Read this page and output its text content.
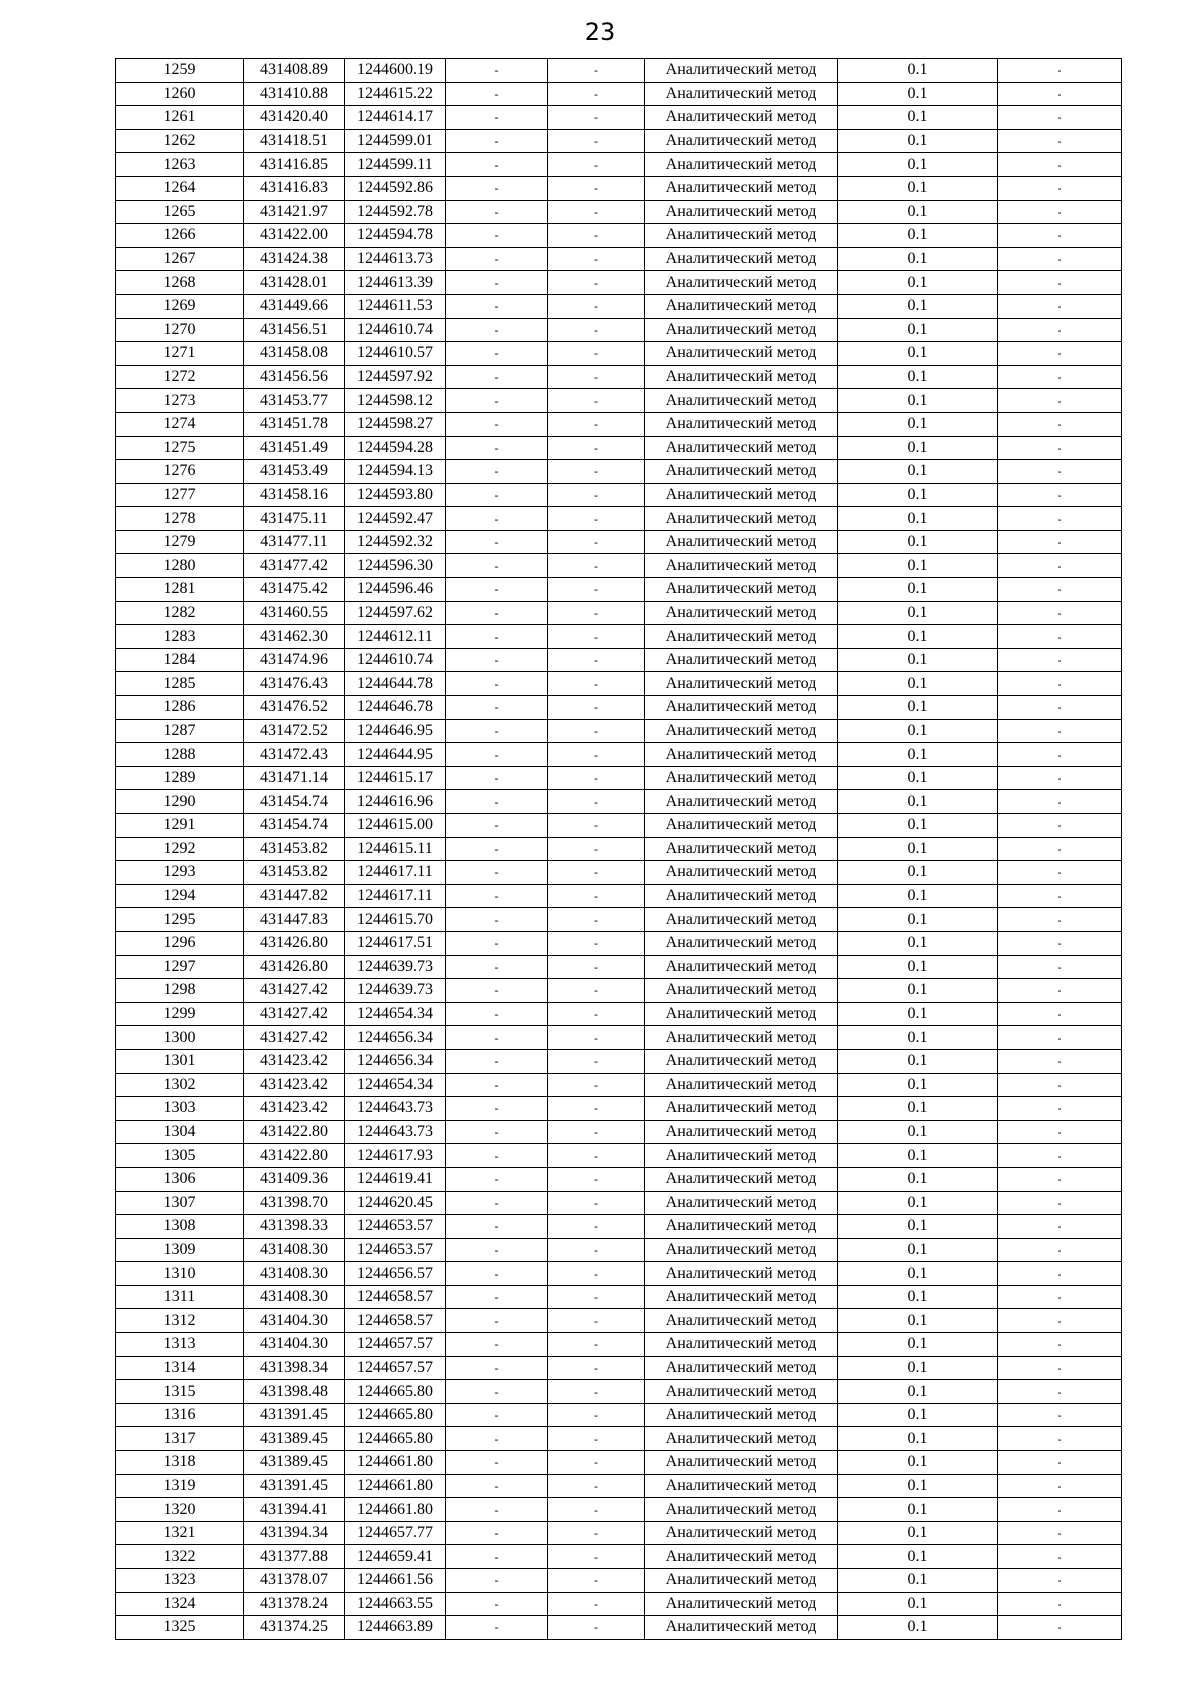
23
1259	431408.89	1244600.19	-	-	Аналитический метод	0.1	-
1260	431410.88	1244615.22	-	-	Аналитический метод	0.1	-
1261	431420.40	1244614.17	-	-	Аналитический метод	0.1	-
1262	431418.51	1244599.01	-	-	Аналитический метод	0.1	-
1263	431416.85	1244599.11	-	-	Аналитический метод	0.1	-
1264	431416.83	1244592.86	-	-	Аналитический метод	0.1	-
1265	431421.97	1244592.78	-	-	Аналитический метод	0.1	-
1266	431422.00	1244594.78	-	-	Аналитический метод	0.1	-
1267	431424.38	1244613.73	-	-	Аналитический метод	0.1	-
1268	431428.01	1244613.39	-	-	Аналитический метод	0.1	-
1269	431449.66	1244611.53	-	-	Аналитический метод	0.1	-
1270	431456.51	1244610.74	-	-	Аналитический метод	0.1	-
1271	431458.08	1244610.57	-	-	Аналитический метод	0.1	-
1272	431456.56	1244597.92	-	-	Аналитический метод	0.1	-
1273	431453.77	1244598.12	-	-	Аналитический метод	0.1	-
1274	431451.78	1244598.27	-	-	Аналитический метод	0.1	-
1275	431451.49	1244594.28	-	-	Аналитический метод	0.1	-
1276	431453.49	1244594.13	-	-	Аналитический метод	0.1	-
1277	431458.16	1244593.80	-	-	Аналитический метод	0.1	-
1278	431475.11	1244592.47	-	-	Аналитический метод	0.1	-
1279	431477.11	1244592.32	-	-	Аналитический метод	0.1	-
1280	431477.42	1244596.30	-	-	Аналитический метод	0.1	-
1281	431475.42	1244596.46	-	-	Аналитический метод	0.1	-
1282	431460.55	1244597.62	-	-	Аналитический метод	0.1	-
1283	431462.30	1244612.11	-	-	Аналитический метод	0.1	-
1284	431474.96	1244610.74	-	-	Аналитический метод	0.1	-
1285	431476.43	1244644.78	-	-	Аналитический метод	0.1	-
1286	431476.52	1244646.78	-	-	Аналитический метод	0.1	-
1287	431472.52	1244646.95	-	-	Аналитический метод	0.1	-
1288	431472.43	1244644.95	-	-	Аналитический метод	0.1	-
1289	431471.14	1244615.17	-	-	Аналитический метод	0.1	-
1290	431454.74	1244616.96	-	-	Аналитический метод	0.1	-
1291	431454.74	1244615.00	-	-	Аналитический метод	0.1	-
1292	431453.82	1244615.11	-	-	Аналитический метод	0.1	-
1293	431453.82	1244617.11	-	-	Аналитический метод	0.1	-
1294	431447.82	1244617.11	-	-	Аналитический метод	0.1	-
1295	431447.83	1244615.70	-	-	Аналитический метод	0.1	-
1296	431426.80	1244617.51	-	-	Аналитический метод	0.1	-
1297	431426.80	1244639.73	-	-	Аналитический метод	0.1	-
1298	431427.42	1244639.73	-	-	Аналитический метод	0.1	-
1299	431427.42	1244654.34	-	-	Аналитический метод	0.1	-
1300	431427.42	1244656.34	-	-	Аналитический метод	0.1	-
1301	431423.42	1244656.34	-	-	Аналитический метод	0.1	-
1302	431423.42	1244654.34	-	-	Аналитический метод	0.1	-
1303	431423.42	1244643.73	-	-	Аналитический метод	0.1	-
1304	431422.80	1244643.73	-	-	Аналитический метод	0.1	-
1305	431422.80	1244617.93	-	-	Аналитический метод	0.1	-
1306	431409.36	1244619.41	-	-	Аналитический метод	0.1	-
1307	431398.70	1244620.45	-	-	Аналитический метод	0.1	-
1308	431398.33	1244653.57	-	-	Аналитический метод	0.1	-
1309	431408.30	1244653.57	-	-	Аналитический метод	0.1	-
1310	431408.30	1244656.57	-	-	Аналитический метод	0.1	-
1311	431408.30	1244658.57	-	-	Аналитический метод	0.1	-
1312	431404.30	1244658.57	-	-	Аналитический метод	0.1	-
1313	431404.30	1244657.57	-	-	Аналитический метод	0.1	-
1314	431398.34	1244657.57	-	-	Аналитический метод	0.1	-
1315	431398.48	1244665.80	-	-	Аналитический метод	0.1	-
1316	431391.45	1244665.80	-	-	Аналитический метод	0.1	-
1317	431389.45	1244665.80	-	-	Аналитический метод	0.1	-
1318	431389.45	1244661.80	-	-	Аналитический метод	0.1	-
1319	431391.45	1244661.80	-	-	Аналитический метод	0.1	-
1320	431394.41	1244661.80	-	-	Аналитический метод	0.1	-
1321	431394.34	1244657.77	-	-	Аналитический метод	0.1	-
1322	431377.88	1244659.41	-	-	Аналитический метод	0.1	-
1323	431378.07	1244661.56	-	-	Аналитический метод	0.1	-
1324	431378.24	1244663.55	-	-	Аналитический метод	0.1	-
1325	431374.25	1244663.89	-	-	Аналитический метод	0.1	-
